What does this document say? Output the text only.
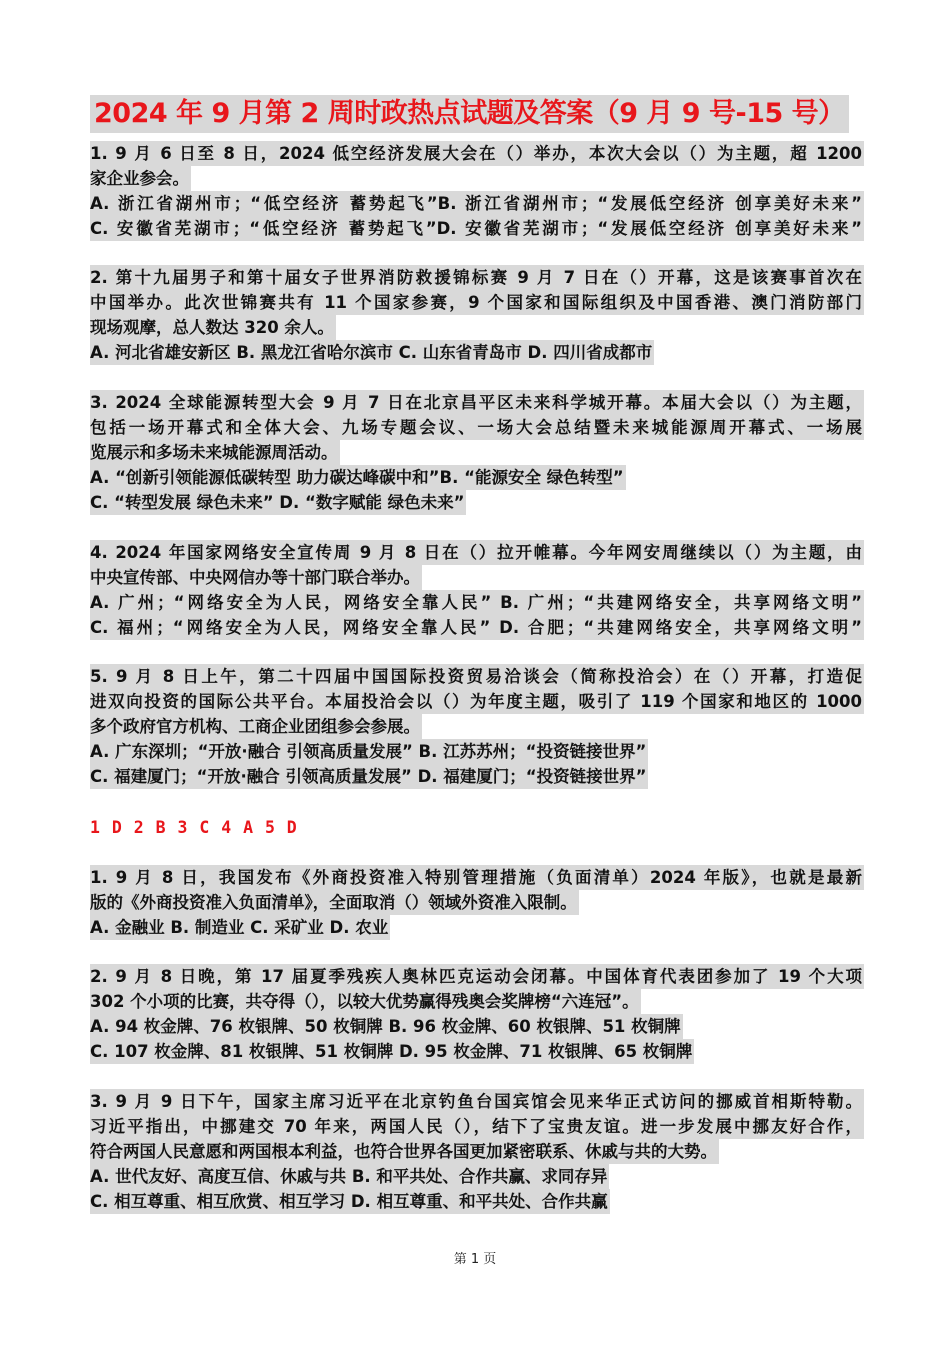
2024 年 9 月第 2 周时政热点试题及答案（9 月 9 号-15 号）
1. 9 月 6 日至 8 日，2024 低空经济发展大会在（）举办，本次大会以（）为主题，超 1200
家企业参会。
A. 浙江省湖州市；“低空经济 蓄势起飞”B. 浙江省湖州市；“发展低空经济 创享美好未来”
C. 安徽省芜湖市；“低空经济 蓄势起飞”D. 安徽省芜湖市；“发展低空经济 创享美好未来”
2. 第十九届男子和第十届女子世界消防救援锦标赛 9 月 7 日在（）开幕，这是该赛事首次在
中国举办。此次世锦赛共有 11 个国家参赛，9 个国家和国际组织及中国香港、澳门消防部门
现场观摩，总人数达 320 余人。
A. 河北省雄安新区 B. 黑龙江省哈尔滨市 C. 山东省青岛市 D. 四川省成都市
3. 2024 全球能源转型大会 9 月 7 日在北京昌平区未来科学城开幕。本届大会以（）为主题，
包括一场开幕式和全体大会、九场专题会议、一场大会总结暨未来城能源周开幕式、一场展
览展示和多场未来城能源周活动。
A. “创新引领能源低碳转型 助力碳达峰碳中和”B. “能源安全 绿色转型”
C. “转型发展 绿色未来” D. “数字赋能 绿色未来”
4. 2024 年国家网络安全宣传周 9 月 8 日在（）拉开帷幕。今年网安周继续以（）为主题，由
中央宣传部、中央网信办等十部门联合举办。
A. 广州；“网络安全为人民，网络安全靠人民” B. 广州；“共建网络安全，共享网络文明”
C. 福州；“网络安全为人民，网络安全靠人民” D. 合肥；“共建网络安全，共享网络文明”
5. 9 月 8 日上午，第二十四届中国国际投资贸易洽谈会（简称投洽会）在（）开幕，打造促
进双向投资的国际公共平台。本届投洽会以（）为年度主题，吸引了 119 个国家和地区的 1000
多个政府官方机构、工商企业团组参会参展。
A. 广东深圳；“开放·融合 引领高质量发展” B. 江苏苏州；“投资链接世界”
C. 福建厦门；“开放·融合 引领高质量发展” D. 福建厦门；“投资链接世界”
1 D 2 B 3 C 4 A 5 D
1. 9 月 8 日，我国发布《外商投资准入特别管理措施（负面清单）2024 年版》，也就是最新
版的《外商投资准入负面清单》，全面取消（）领域外资准入限制。
A. 金融业 B. 制造业 C. 采矿业 D. 农业
2. 9 月 8 日晚，第 17 届夏季残疾人奥林匹克运动会闭幕。中国体育代表团参加了 19 个大项
302 个小项的比赛，共夺得（），以较大优势赢得残奥会奖牌榜“六连冠”。
A. 94 枚金牌、76 枚银牌、50 枚铜牌 B. 96 枚金牌、60 枚银牌、51 枚铜牌
C. 107 枚金牌、81 枚银牌、51 枚铜牌 D. 95 枚金牌、71 枚银牌、65 枚铜牌
3. 9 月 9 日下午，国家主席习近平在北京钓鱼台国宾馆会见来华正式访问的挪威首相斯特勒。
习近平指出，中挪建交 70 年来，两国人民（），结下了宝贵友谊。进一步发展中挪友好合作，
符合两国人民意愿和两国根本利益，也符合世界各国更加紧密联系、休戚与共的大势。
A. 世代友好、高度互信、休戚与共 B. 和平共处、合作共赢、求同存异
C. 相互尊重、相互欣赏、相互学习 D. 相互尊重、和平共处、合作共赢
第 1 页
